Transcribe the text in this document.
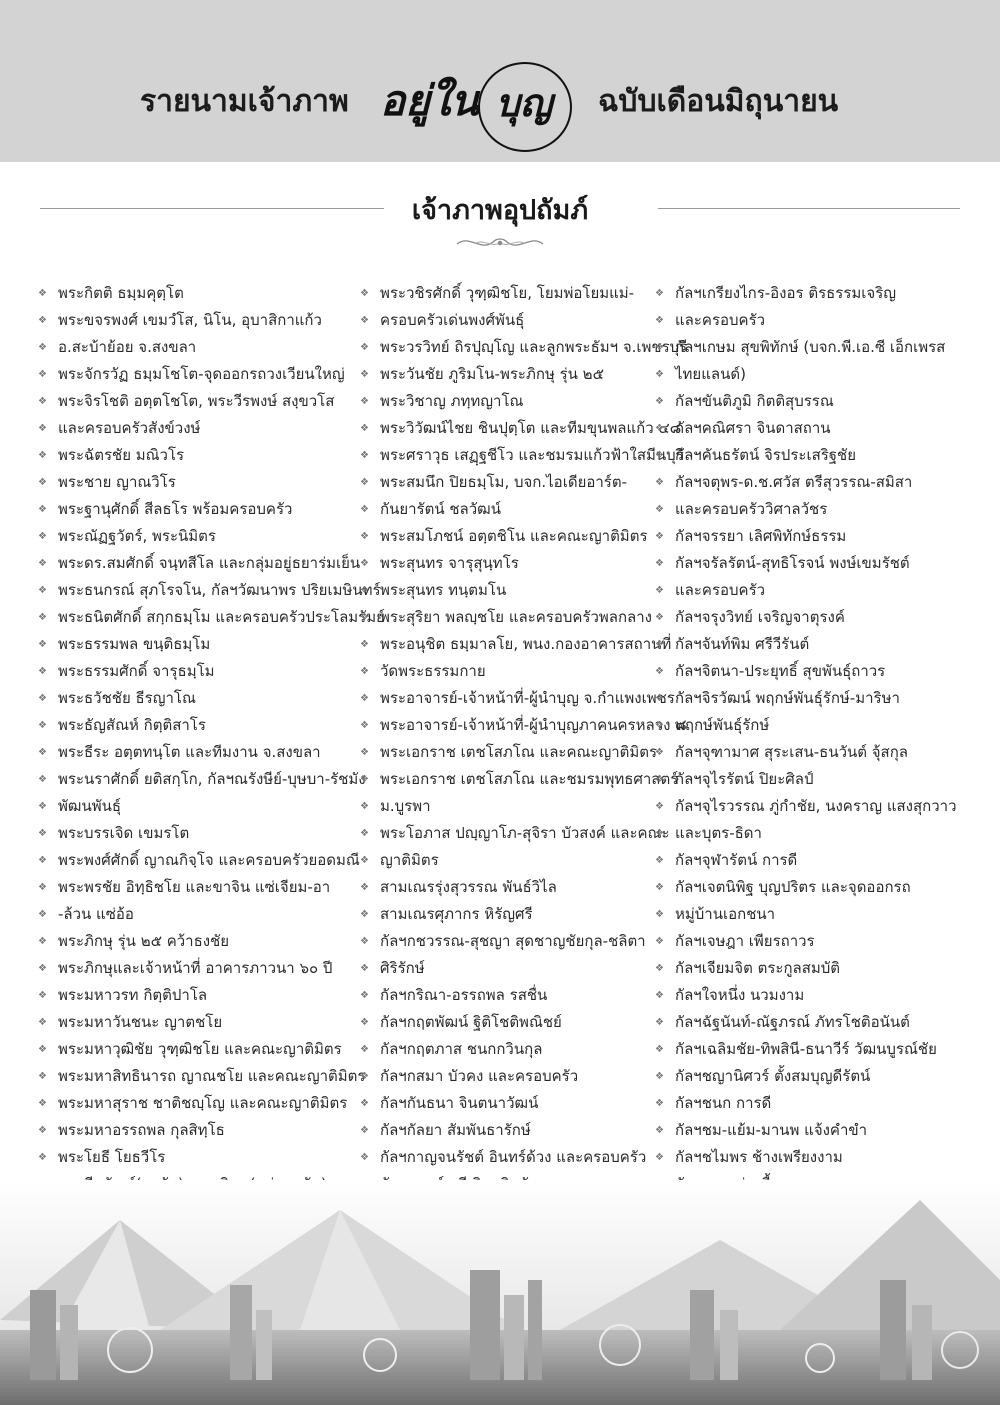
รายนามเจ้าภาพ อยู่ใน บุญ	ฉบับเดือนมิถุนายน
เจ้าภาพอุปถัมภ์
❖ พระกิตติ ธมฺมคุตฺโต
❖ พระขจรพงศ์ เขมวํโส, นิโน, อุบาสิกาแก้ว
❖ อ.สะบ้าย้อย จ.สงขลา
❖ พระจักรวัฏ ธมฺมโชโต-จุดออกรถวงเวียนใหญ่
❖ พระจิรโชติ อตฺตโชโต, พระวีรพงษ์ สงฺขวโส
❖ และครอบครัวสังข์วงษ์
❖ พระฉัตรชัย มณิวโร
❖ พระชาย ญาณวิโร
❖ พระฐานุศักดิ์ สีลธโร พร้อมครอบครัว
❖ พระณัฏฐวัตร์, พระนิมิตร
❖ พระดร.สมศักดิ์ จนฺทสีโล และกลุ่มอยู่ธยาร่มเย็น
❖ พระธนกรณ์ สุภโรจโน, กัลฯวัฒนาพร ปริยเมษินทร์
❖ พระธนิตศักดิ์ สกฺกธมฺโม และครอบครัวประโลมรัมย์
❖ พระธรรมพล ขนฺติธมฺโม
❖ พระธรรมศักดิ์ จารุธมฺโม
❖ พระธวัชชัย ธีรญาโณ
❖ พระธัญสัณห์ กิตฺติสาโร
❖ พระธีระ อตฺตทนฺโต และทีมงาน จ.สงขลา
❖ พระนราศักดิ์ ยติสกฺโก, กัลฯณรังษีย์-บุษบา-รัชมัง
❖ พัฒนพันธุ์
❖ พระบรรเจิด เขมรโต
❖ พระพงศ์ศักดิ์ ญาณกิจฺโจ และครอบครัวยอดมณี
❖ พระพรชัย อิทฺธิชโย และขาจิน แซ่เจียม-อา
❖ -ล้วน แซ่อ้อ
❖ พระภิกษุ รุ่น ๒๕ คว้าธงชัย
❖ พระภิกษุและเจ้าหน้าที่ อาคารภาวนา ๖๐ ปี
❖ พระมหาวรท กิตฺติปาโล
❖ พระมหาวันชนะ ญาตชโย
❖ พระมหาวุฒิชัย วุฑฺฒิชโย และคณะญาติมิตร
❖ พระมหาสิทธินารถ ญาณชโย และคณะญาติมิตร
❖ พระมหาสุราช ชาติชญฺโญ และคณะญาติมิตร
❖ พระมหาอรรถพล กุลสิทฺโธ
❖ พระโยธี โยธวีโร
❖
❖
❖ พระวชิรศักดิ์ วุฑฺฒิชโย, โยมพ่อโยมแม่-
❖ ครอบครัวเด่นพงศ์พันธุ์
❖ พระวรวิทย์ ถิรปุญฺโญ และลูกพระธัมฯ จ.เพชรบุรี
❖ พระวันชัย ภูริมโน-พระภิกษุ รุ่น ๒๕
❖ พระวิชาญ ภทฺทญาโณ
❖ พระวิวัฒน์ไชย ชินปุตฺโต และทีมขุนพลแก้ว ๔๘
❖ พระศราวุธ เสฏฺฐชีโว และชมรมแก้วฟ้าใสมีนบุรี
❖ พระสมนึก ปิยธมฺโม, บจก.ไอเดียอาร์ต-
❖ กันยารัตน์ ชลวัฒน์
❖ พระสมโภชน์ อตฺตชิโน และคณะญาติมิตร
❖ พระสุนทร จารุสุนฺทโร
❖ พระสุนทร ทนฺตมโน
❖ พระสุริยา พลญฺชโย และครอบครัวพลกลาง
❖ พระอนุชิต ธมฺมาลโย, พนง.กองอาคารสถานที่
❖ วัดพระธรรมกาย
❖ พระอาจารย์-เจ้าหน้าที่-ผู้นำบุญ จ.กำแพงเพชร
❖ พระอาจารย์-เจ้าหน้าที่-ผู้นำบุญภาคนครหลวง ๘
❖ พระเอกราช เตชโสภโณ และคณะญาติมิตร
❖ พระเอกราช เตชโสภโณ และชมรมพุทธศาสตร์
❖ ม.บูรพา
❖ พระโอภาส ปญฺญาโภ-สุจิรา บัวสงค์ และคณะ
❖ ญาติมิตร
❖ สามเณรรุ่งสุวรรณ พันธ์วิไล
❖ สามเณรศุภากร หิรัญศรี
❖ กัลฯกชวรรณ-สุชญา สุดชาญชัยกุล-ชลิตา
❖ ศิริรักษ์
❖ กัลฯกริณา-อรรถพล รสชื่น
❖ กัลฯกฤตพัฒน์ ฐิติโชติพณิชย์
❖ กัลฯกฤตภาส ชนกกวินกุล
❖ กัลฯกสมา บัวคง และครอบครัว
❖ กัลฯกันธนา จินตนาวัฒน์
❖ กัลฯกัลยา สัมพันธารักษ์
❖ กัลฯกาญจนรัชต์ อินทร์ด้วง และครอบครัว
❖
❖
❖ กัลฯเกรียงไกร-อิงอร ติรธรรมเจริญ
❖ และครอบครัว
❖ กัลฯเกษม สุขพิทักษ์ (บจก.พี.เอ.ซี เอ็กเพรส
❖ ไทยแลนด์)
❖ กัลฯขันติภูมิ กิตติสุบรรณ
❖ กัลฯคณิศรา จินดาสถาน
❖ กัลฯคันธรัตน์ จิรประเสริฐชัย
❖ กัลฯจตุพร-ด.ช.ศวัส ตรีสุวรรณ-สมิสา
❖ และครอบครัววิศาลวัชร
❖ กัลฯจรรยา เลิศพิทักษ์ธรรม
❖ กัลฯจรัลรัตน์-สุทธิโรจน์ พงษ์เขมรัชต์
❖ และครอบครัว
❖ กัลฯจรุงวิทย์ เจริญจาตุรงค์
❖ กัลฯจันท์พิม ศรีวีรันต์
❖ กัลฯจิตนา-ประยุทธิ์ สุขพันธุ์ถาวร
❖ กัลฯจิรวัฒน์ พฤกษ์พันธุ์รักษ์-มาริษา
❖ พฤกษ์พันธุ์รักษ์
❖ กัลฯจุฑามาศ สุระเสน-ธนวันต์ จุ้สกุล
❖ กัลฯจุไรรัตน์ ปิยะศิลป์
❖ กัลฯจุไรวรรณ ภู่กำชัย, นงคราญ แสงสุกวาว
❖ และบุตร-ธิดา
❖ กัลฯจุฬารัตน์ การดี
❖ กัลฯเจตนิพิฐ บุญปริตร และจุดออกรถ
❖ หมู่บ้านเอกชนา
❖ กัลฯเจษฎา เพียรถาวร
❖ กัลฯเจียมจิต ตระกูลสมบัติ
❖ กัลฯใจหนึ่ง นวมงาม
❖ กัลฯฉัฐนันท์-ณัฐภรณ์ ภัทรโชติอนันต์
❖ กัลฯเฉลิมชัย-ทิพสินี-ธนาวีร์ วัฒนบูรณ์ชัย
❖ กัลฯชญานิศวร์ ตั้งสมบุญดีรัตน์
❖ กัลฯชนก การดี
❖ กัลฯชม-แย้ม-มานพ แจ้งคำขำ
❖ กัลฯชไมพร ช้างเพรียงงาม
❖
❖
